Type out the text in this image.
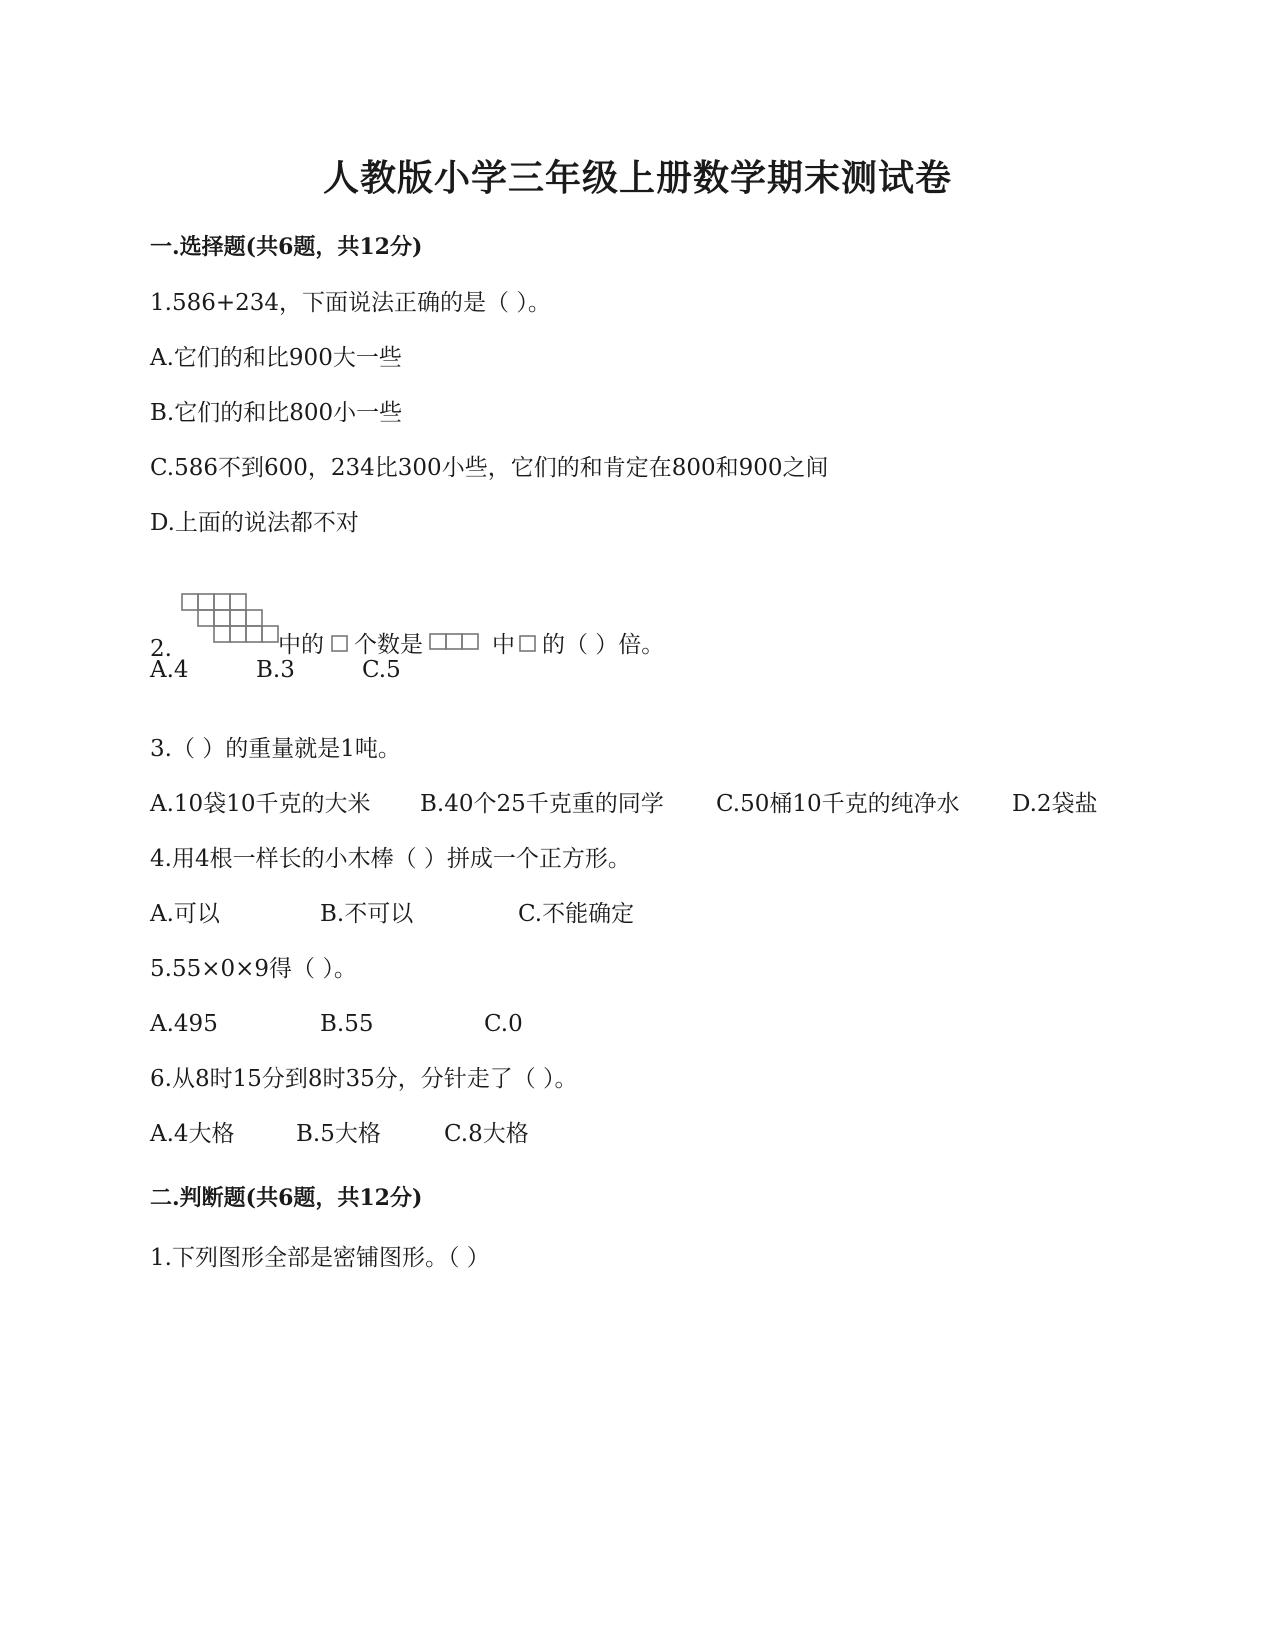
人教版小学三年级上册数学期末测试卷
一.选择题(共6题，共12分)
1.586+234，下面说法正确的是（ ）。
A.它们的和比900大一些
B.它们的和比800小一些
C.586不到600，234比300小些，它们的和肯定在800和900之间
D.上面的说法都不对
2.	中的 个数是	中 的（ ）倍。
A.4	B.3	C.5
3.（ ）的重量就是1吨。
A.10袋10千克的大米 B.40个25千克重的同学 C.50桶10千克的纯净水 D.2袋盐
4.用4根一样长的小木棒（ ）拼成一个正方形。
A.可以	B.不可以	C.不能确定
5.55×0×9得（ ）。
A.495	B.55	C.0
6.从8时15分到8时35分，分针走了（ ）。
A.4大格	B.5大格	C.8大格
二.判断题(共6题，共12分)
1.下列图形全部是密铺图形。（ ）
